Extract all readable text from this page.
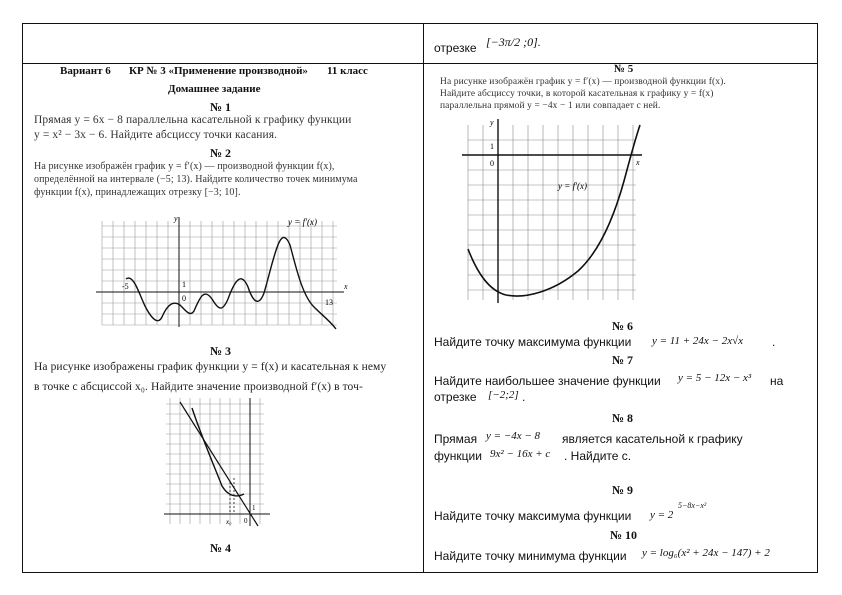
отрезке [−3π/2 ;0].
Вариант 6 КР № 3 «Применение производной» 11 класс
Домашнее задание
№ 1
Прямая y = 6x − 8 параллельна касательной к графику функции
y = x² − 3x − 6. Найдите абсциссу точки касания.
№ 2
На рисунке изображён график y = f′(x) — производной функции f(x),
определённой на интервале (−5; 13). Найдите количество точек минимума
функции f(x), принадлежащих отрезку [−3; 10].
y = f′(x)
1
0
-5
13
x
y
№ 3
На рисунке изображены график функции y = f(x) и касательная к нему
в точке с абсциссой x₀. Найдите значение производной f′(x) в точ-
x₀
1
0
№ 4
№ 5
На рисунке изображён график y = f′(x) — производной функции f(x).
Найдите абсциссу точки, в которой касательная к графику y = f(x)
параллельна прямой y = −4x − 1 или совпадает с ней.
y = f′(x)
1
0	x
y
№ 6
Найдите точку максимума функции y = 11 + 24x − 2x√x .
№ 7
Найдите наибольшее значение функции y = 5 − 12x − x³ на
отрезке [−2;2] .
№ 8
Прямая y = −4x − 8 является касательной к графику
функции 9x² − 16x + c . Найдите c.
№ 9
Найдите точку максимума функции y = 2
5−8x−x²
№ 10
Найдите точку минимума функции y = log₆(x² + 24x − 147) + 2
